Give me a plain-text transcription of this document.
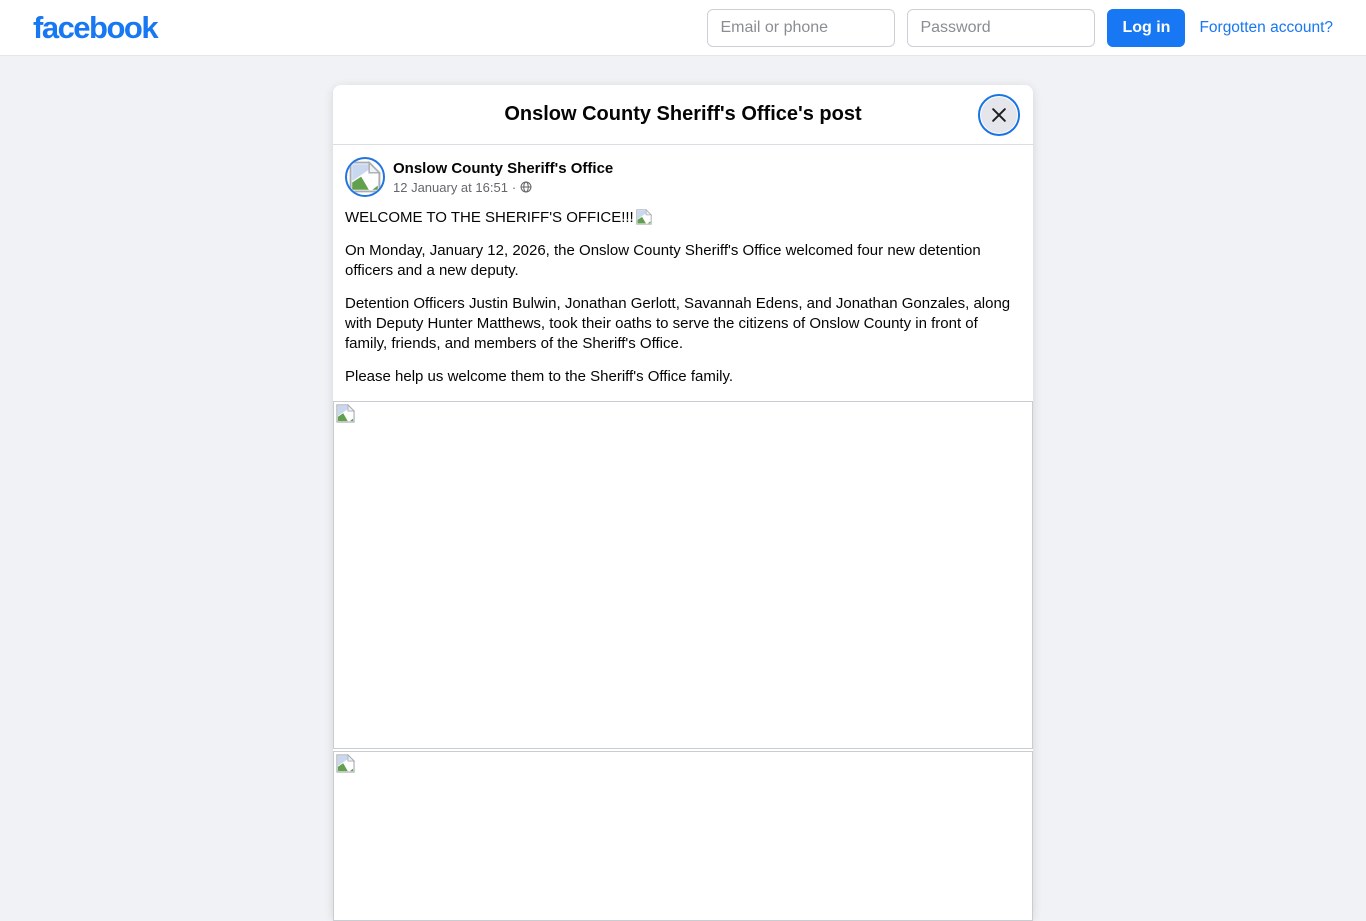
facebook
Email or phone	Log in	Forgotten account?
Onslow County Sheriff's Office's post
Onslow County Sheriff's Office
12 January at 16:51 ·

WELCOME TO THE SHERIFF'S OFFICE!!!

On Monday, January 12, 2026, the Onslow County Sheriff's Office welcomed four new detention officers and a new deputy.

Detention Officers Justin Bulwin, Jonathan Gerlott, Savannah Edens, and Jonathan Gonzales, along with Deputy Hunter Matthews, took their oaths to serve the citizens of Onslow County in front of family, friends, and members of the Sheriff's Office.

Please help us welcome them to the Sheriff's Office family.
